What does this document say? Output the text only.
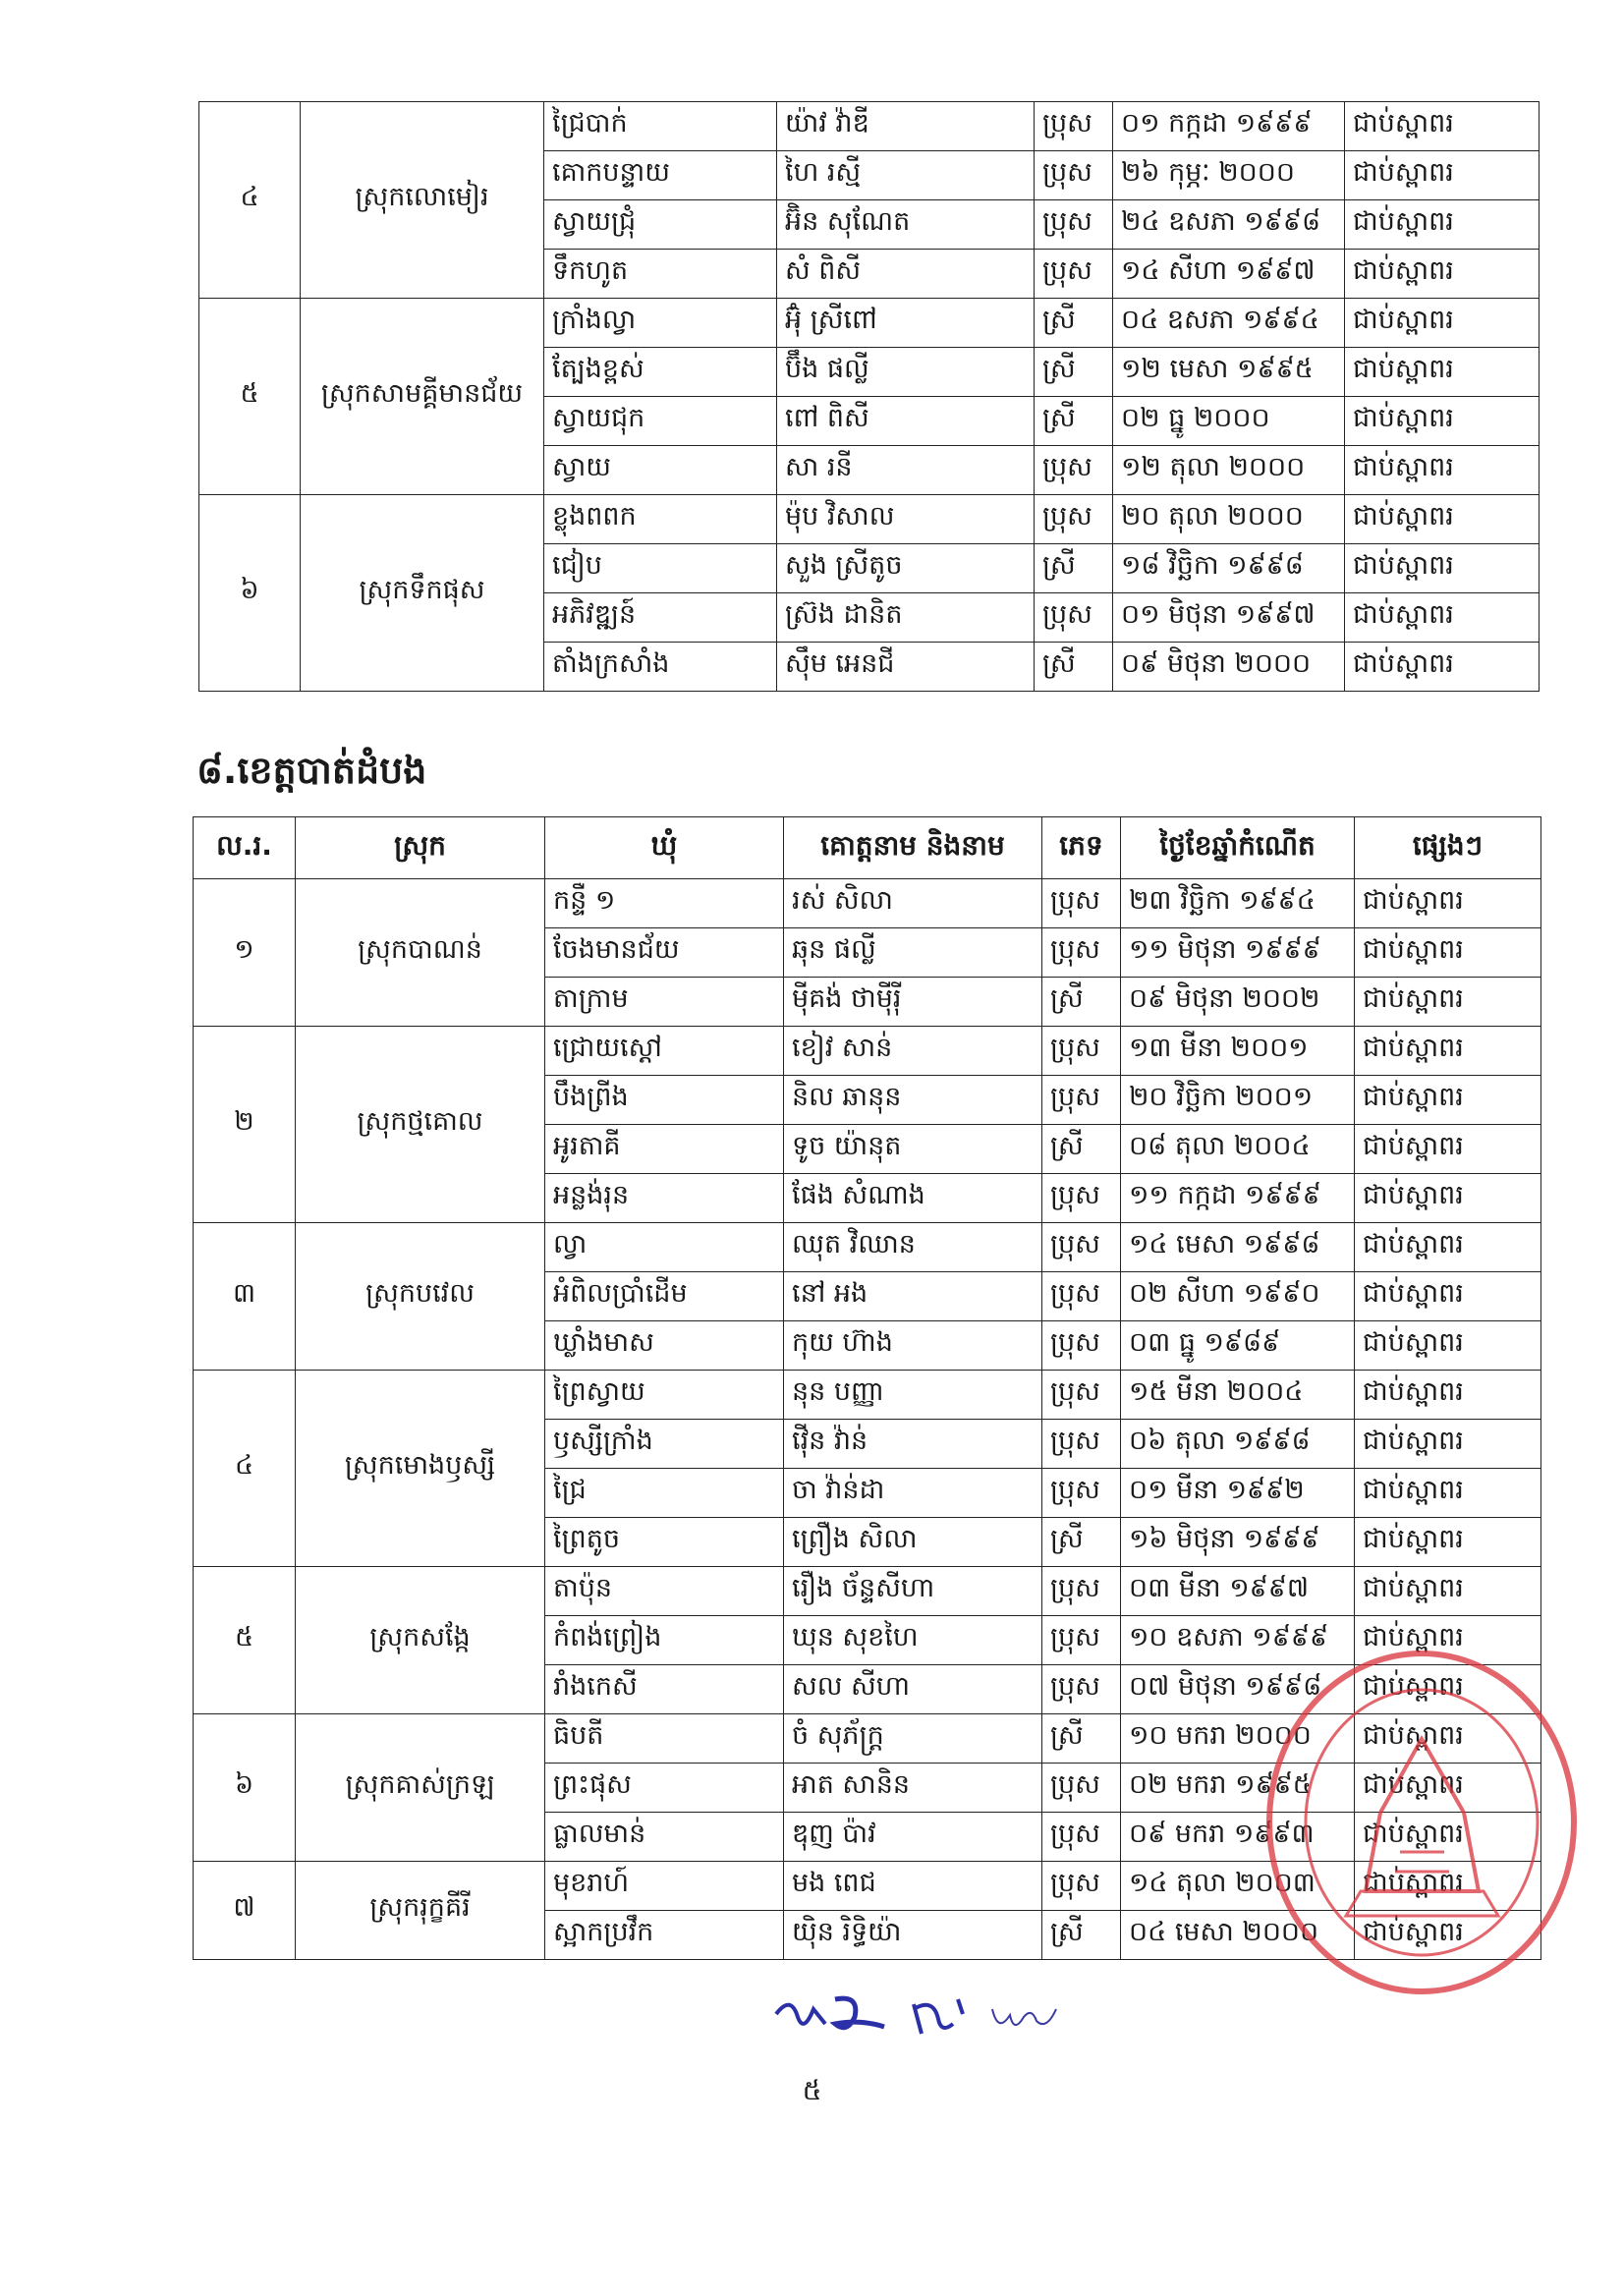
៤	ស្រុកលោមៀរ	ជ្រៃបាក់	យ៉ាវ វ៉ាឌី	ប្រុស	០១ កក្កដា ១៩៩៩	ជាប់ស្ពាពរ
		គោកបន្ទាយ	ហៃ រស្មី	ប្រុស	២៦ កុម្ភៈ ២០០០	ជាប់ស្ពាពរ
		ស្វាយជ្រុំ	អ៊ិន សុណែត	ប្រុស	២៤ ឧសភា ១៩៩៨	ជាប់ស្ពាពរ
		ទឹកហូត	សំ ពិសី	ប្រុស	១៤ សីហា ១៩៩៧	ជាប់ស្ពាពរ
៥	ស្រុកសាមគ្គីមានជ័យ	ក្រាំងល្វា	អ៊ុំ ស្រីពៅ	ស្រី	០៤ ឧសភា ១៩៩៤	ជាប់ស្ពាពរ
		ត្បែងខ្ពស់	ប៊ឹង ផល្លី	ស្រី	១២ មេសា ១៩៩៥	ជាប់ស្ពាពរ
		ស្វាយជុក	ពៅ ពិសី	ស្រី	០២ ធ្នូ ២០០០	ជាប់ស្ពាពរ
		ស្វាយ	សា រនី	ប្រុស	១២ តុលា ២០០០	ជាប់ស្ពាពរ
៦	ស្រុកទឹកផុស	ខ្លុងពពក	ម៉ុប វិសាល	ប្រុស	២០ តុលា ២០០០	ជាប់ស្ពាពរ
		ជៀប	សួង ស្រីតូច	ស្រី	១៨ វិច្ឆិកា ១៩៩៨	ជាប់ស្ពាពរ
		អភិវឌ្ឍន៍	ស្រ៊ង ដានិត	ប្រុស	០១ មិថុនា ១៩៩៧	ជាប់ស្ពាពរ
		តាំងក្រសាំង	ស៊ឹម អេនជី	ស្រី	០៩ មិថុនា ២០០០	ជាប់ស្ពាពរ
៨.ខេត្តបាត់ដំបង
ល.រ.	ស្រុក	ឃុំ	គោត្តនាម និងនាម	ភេទ	ថ្ងៃខែឆ្នាំកំណើត	ផ្សេងៗ
១	ស្រុកបាណន់	កន្ទឺ ១	រស់ សិលា	ប្រុស	២៣ វិច្ឆិកា ១៩៩៤	ជាប់ស្ពាពរ
		ចែងមានជ័យ	ឆុន ផល្លី	ប្រុស	១១ មិថុនា ១៩៩៩	ជាប់ស្ពាពរ
		តាក្រាម	ម៉ីគង់ ថាម៉ីរ៉ី	ស្រី	០៩ មិថុនា ២០០២	ជាប់ស្ពាពរ
២	ស្រុកថ្មគោល	ជ្រោយស្ដៅ	ខៀវ សាន់	ប្រុស	១៣ មីនា ២០០១	ជាប់ស្ពាពរ
		បឹងព្រីង	និល ឆានុន	ប្រុស	២០ វិច្ឆិកា ២០០១	ជាប់ស្ពាពរ
		អូរតាគី	ទូច យ៉ានុត	ស្រី	០៨ តុលា ២០០៤	ជាប់ស្ពាពរ
		អន្លង់រុន	ផែង សំណាង	ប្រុស	១១ កក្កដា ១៩៩៩	ជាប់ស្ពាពរ
៣	ស្រុកបវេល	ល្វា	ឈុត វិឈាន	ប្រុស	១៤ មេសា ១៩៩៨	ជាប់ស្ពាពរ
		អំពិលប្រាំដើម	នៅ អង	ប្រុស	០២ សីហា ១៩៩០	ជាប់ស្ពាពរ
		ឃ្លាំងមាស	កុយ ហ៊ាង	ប្រុស	០៣ ធ្នូ ១៩៨៩	ជាប់ស្ពាពរ
៤	ស្រុកមោងឫស្សី	ព្រៃស្វាយ	នុន បញ្ញា	ប្រុស	១៥ មីនា ២០០៤	ជាប់ស្ពាពរ
		ឫស្សីក្រាំង	វ៉ើន វ៉ាន់	ប្រុស	០៦ តុលា ១៩៩៨	ជាប់ស្ពាពរ
		ជ្រៃ	ចា វ៉ាន់ដា	ប្រុស	០១ មីនា ១៩៩២	ជាប់ស្ពាពរ
		ព្រៃតូច	ព្រឿង សិលា	ស្រី	១៦ មិថុនា ១៩៩៩	ជាប់ស្ពាពរ
៥	ស្រុកសង្កែ	តាប៉ុន	រឿង ច័ន្ទសីហា	ប្រុស	០៣ មីនា ១៩៩៧	ជាប់ស្ពាពរ
		កំពង់ព្រៀង	ឃុន សុខហៃ	ប្រុស	១០ ឧសភា ១៩៩៩	ជាប់ស្ពាពរ
		រាំងកេសី	សល សីហា	ប្រុស	០៧ មិថុនា ១៩៩៨	ជាប់ស្ពាពរ
៦	ស្រុកគាស់ក្រឡ	ធិបតី	ចំ សុភ័ក្ត្រ	ស្រី	១០ មករា ២០០០	ជាប់ស្ពាពរ
		ព្រះផុស	អាត សានិន	ប្រុស	០២ មករា ១៩៩៥	ជាប់ស្ពាពរ
		ធ្លាលមាន់	ឌុញ ប៉ាវ	ប្រុស	០៩ មករា ១៩៩៣	ជាប់ស្ពាពរ
៧	ស្រុករុក្ខគីរី	មុខរាហ៍	មង ពេជ	ប្រុស	១៤ តុលា ២០០៣	ជាប់ស្ពាពរ
		ស្អាកប្រវឹក	យ៉ិន រិទ្ធិយ៉ា	ស្រី	០៤ មេសា ២០០០	ជាប់ស្ពាពរ
៥
